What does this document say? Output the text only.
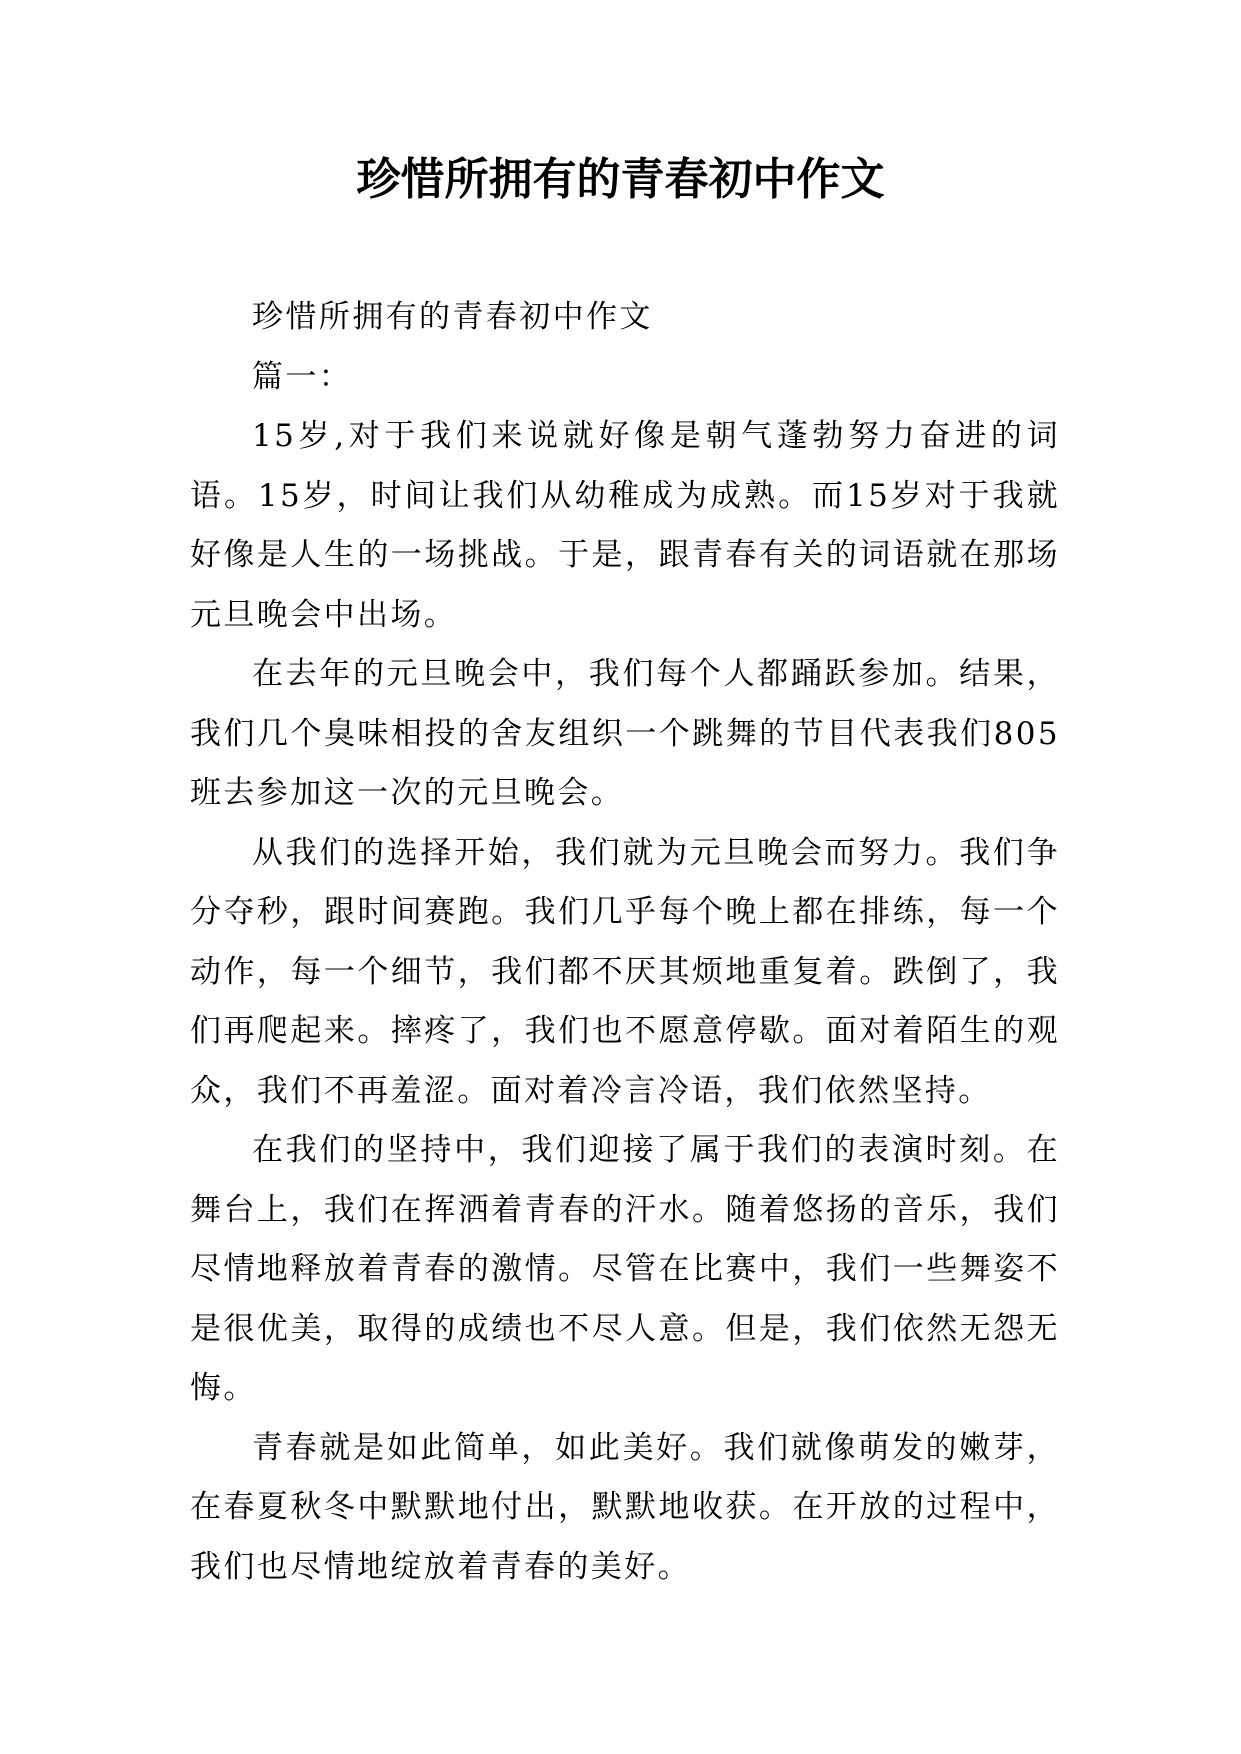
珍惜所拥有的青春初中作文

珍惜所拥有的青春初中作文

篇一：

15岁,对于我们来说就好像是朝气蓬勃努力奋进的词语。15岁，时间让我们从幼稚成为成熟。而15岁对于我就好像是人生的一场挑战。于是，跟青春有关的词语就在那场元旦晚会中出场。

在去年的元旦晚会中，我们每个人都踊跃参加。结果，我们几个臭味相投的舍友组织一个跳舞的节目代表我们805班去参加这一次的元旦晚会。

从我们的选择开始，我们就为元旦晚会而努力。我们争分夺秒，跟时间赛跑。我们几乎每个晚上都在排练，每一个动作，每一个细节，我们都不厌其烦地重复着。跌倒了，我们再爬起来。摔疼了，我们也不愿意停歇。面对着陌生的观众，我们不再羞涩。面对着冷言冷语，我们依然坚持。

在我们的坚持中，我们迎接了属于我们的表演时刻。在舞台上，我们在挥洒着青春的汗水。随着悠扬的音乐，我们尽情地释放着青春的激情。尽管在比赛中，我们一些舞姿不是很优美，取得的成绩也不尽人意。但是，我们依然无怨无悔。

青春就是如此简单，如此美好。我们就像萌发的嫩芽，在春夏秋冬中默默地付出，默默地收获。在开放的过程中，我们也尽情地绽放着青春的美好。
